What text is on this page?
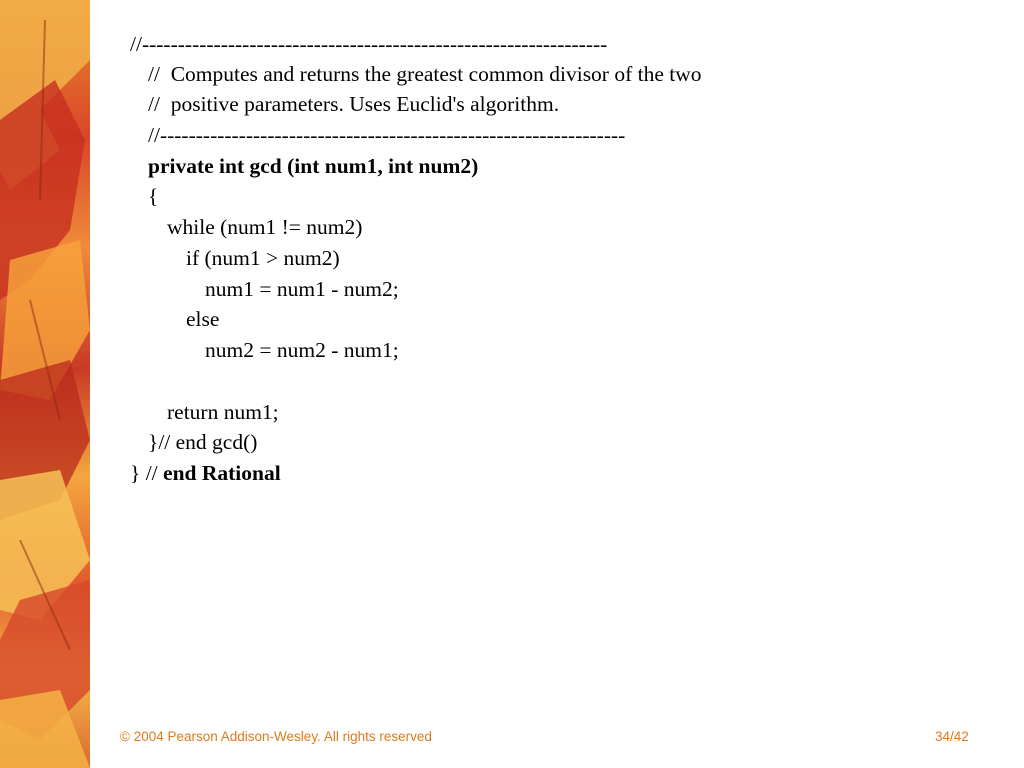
//-----------------------------------------------------------------
//  Computes and returns the greatest common divisor of the two
//  positive parameters. Uses Euclid's algorithm.
//-----------------------------------------------------------------
private int gcd (int num1, int num2)
{
while (num1 != num2)
if (num1 > num2)
num1 = num1 - num2;
else
num2 = num2 - num1;
return num1;
}// end gcd()
} // end Rational
© 2004 Pearson Addison-Wesley. All rights reserved	34/42
